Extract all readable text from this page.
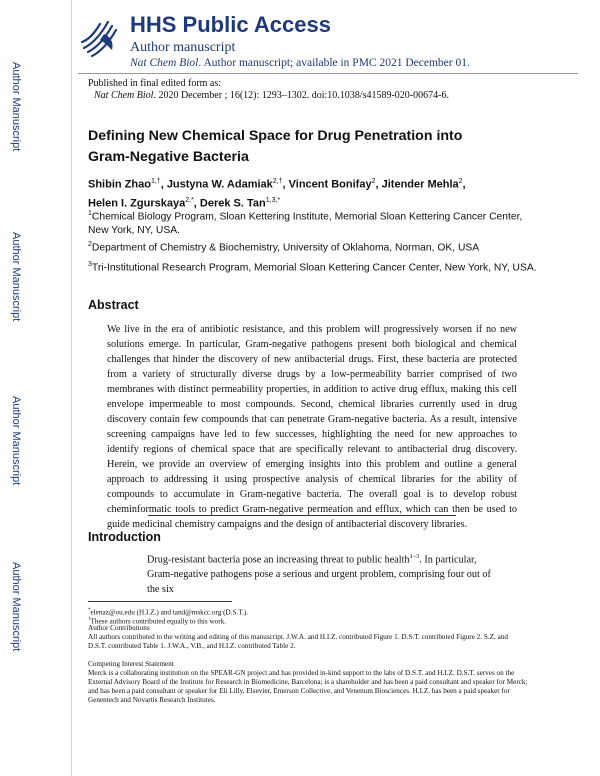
Author Manuscript
Author Manuscript
Author Manuscript
Author Manuscript
HHS Public Access
Author manuscript
Nat Chem Biol. Author manuscript; available in PMC 2021 December 01.
Published in final edited form as:
Nat Chem Biol. 2020 December ; 16(12): 1293–1302. doi:10.1038/s41589-020-00674-6.
Defining New Chemical Space for Drug Penetration into Gram-Negative Bacteria
Shibin Zhao$^{1,\dagger}$, Justyna W. Adamiak$^{2,\dagger}$, Vincent Bonifay$^2$, Jitender Mehla$^2$, Helen I. Zgurskaya$^{2,*}$, Derek S. Tan$^{1,3,*}$
$^1$Chemical Biology Program, Sloan Kettering Institute, Memorial Sloan Kettering Cancer Center, New York, NY, USA.
$^2$Department of Chemistry & Biochemistry, University of Oklahoma, Norman, OK, USA
$^3$Tri-Institutional Research Program, Memorial Sloan Kettering Cancer Center, New York, NY, USA.
Abstract
We live in the era of antibiotic resistance, and this problem will progressively worsen if no new solutions emerge. In particular, Gram-negative pathogens present both biological and chemical challenges that hinder the discovery of new antibacterial drugs. First, these bacteria are protected from a variety of structurally diverse drugs by a low-permeability barrier comprised of two membranes with distinct permeability properties, in addition to active drug efflux, making this cell envelope impermeable to most compounds. Second, chemical libraries currently used in drug discovery contain few compounds that can penetrate Gram-negative bacteria. As a result, intensive screening campaigns have led to few successes, highlighting the need for new approaches to identify regions of chemical space that are specifically relevant to antibacterial drug discovery. Herein, we provide an overview of emerging insights into this problem and outline a general approach to addressing it using prospective analysis of chemical libraries for the ability of compounds to accumulate in Gram-negative bacteria. The overall goal is to develop robust cheminformatic tools to predict Gram-negative permeation and efflux, which can then be used to guide medicinal chemistry campaigns and the design of antibacterial discovery libraries.
Introduction
Drug-resistant bacteria pose an increasing threat to public health$^{1-3}$. In particular, Gram-negative pathogens pose a serious and urgent problem, comprising four out of the six
*elenaz@ou.edu (H.I.Z.) and tand@mskcc.org (D.S.T.).
†These authors contributed equally to this work.
Author Contributions
All authors contributed to the writing and editing of this manuscript. J.W.A. and H.I.Z. contributed Figure 1. D.S.T. contributed Figure 2. S.Z. and D.S.T. contributed Table 1. J.W.A., V.B., and H.I.Z. contributed Table 2.
Competing Interest Statement
Merck is a collaborating institution on the SPEAR-GN project and has provided in-kind support to the labs of D.S.T. and H.I.Z. D.S.T. serves on the External Advisory Board of the Institute for Research in Biomedicine, Barcelona; is a shareholder and has been a paid consultant and speaker for Merck; and has been a paid consultant or speaker for Eli Lilly, Elsevier, Emerson Collective, and Venenum Biosciences. H.I.Z. has been a paid speaker for Genentech and Novartis Research Institutes.
